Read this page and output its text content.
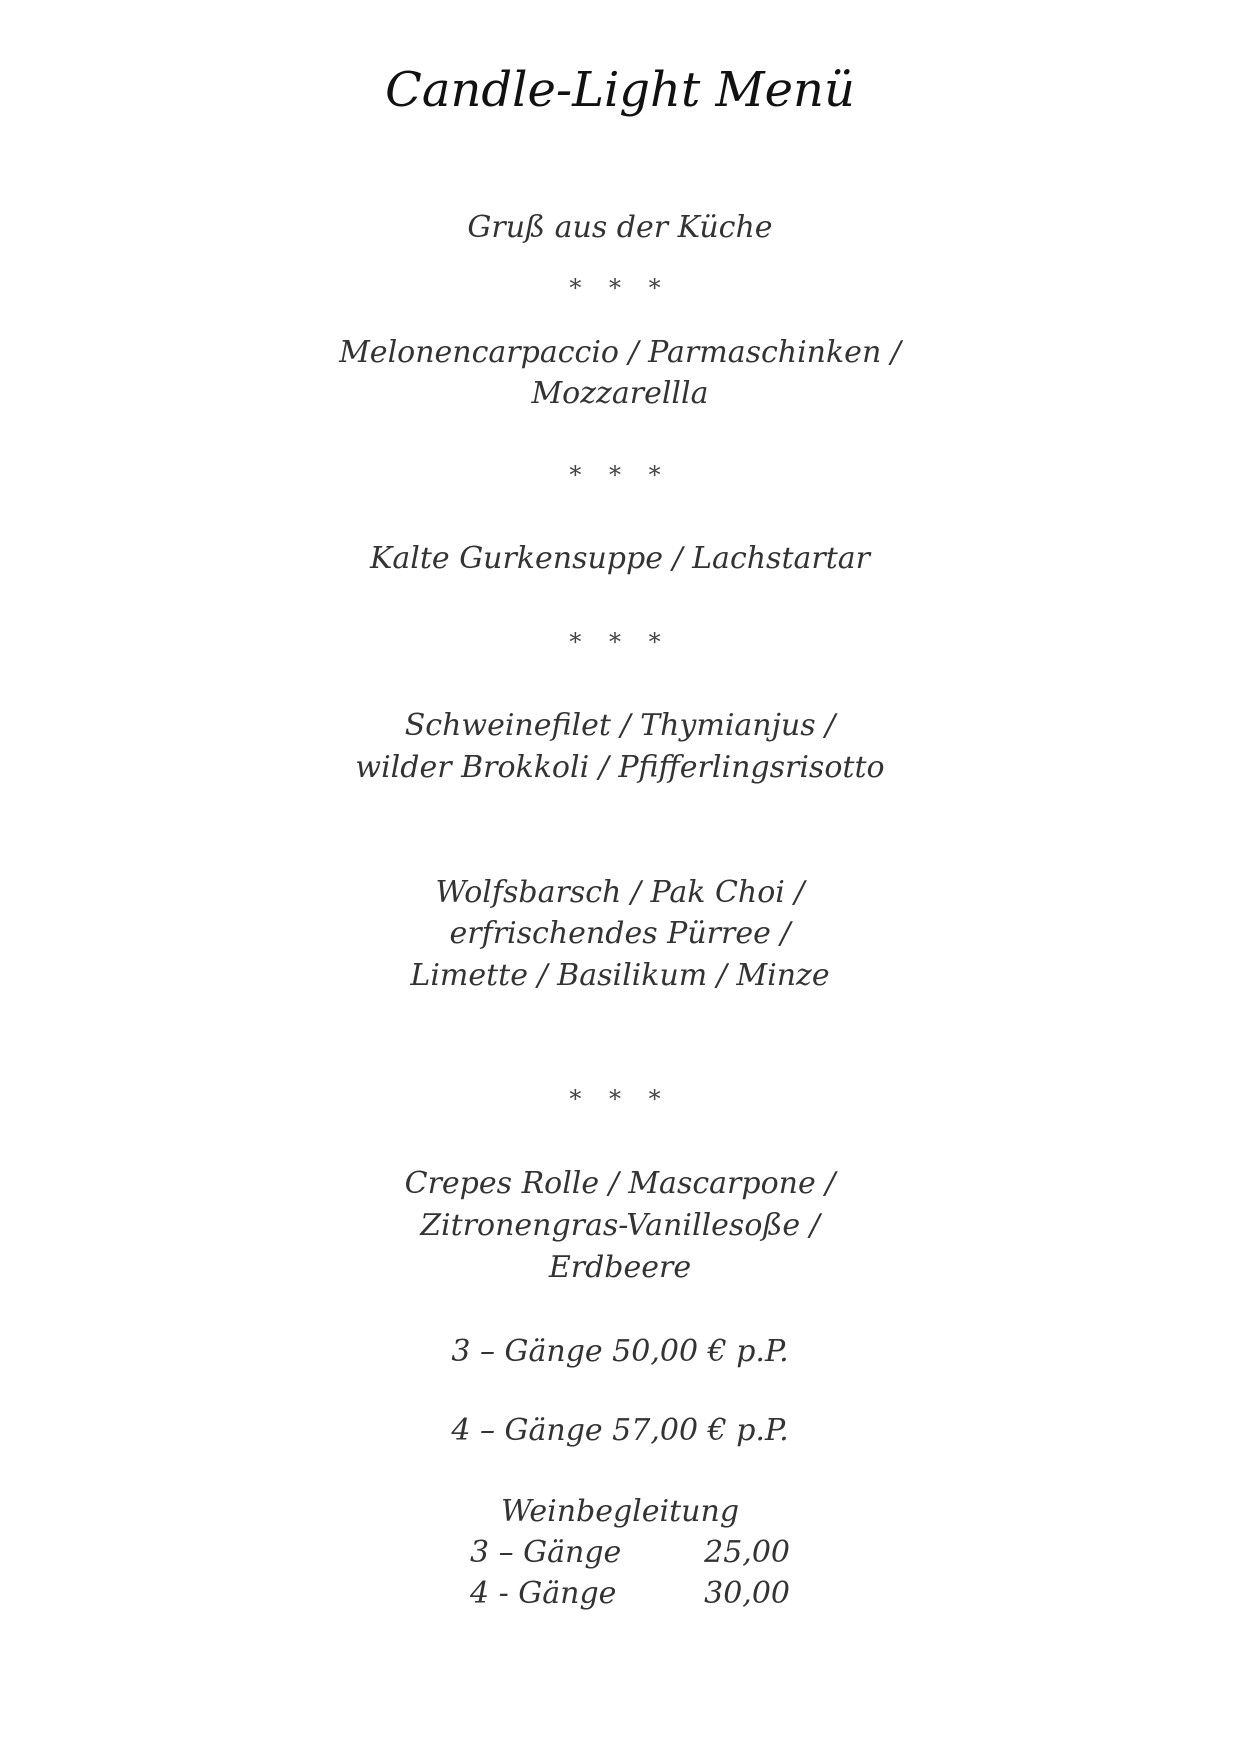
Candle-Light Menü
Gruß aus der Küche
* * *
Melonencarpaccio / Parmaschinken /
Mozzarellla
* * *
Kalte Gurkensuppe / Lachstartar
* * *
Schweinefilet / Thymianjus /
wilder Brokkoli / Pfifferlingsrisotto
Wolfsbarsch / Pak Choi /
erfrischendes Pürree /
Limette / Basilikum / Minze
* * *
Crepes Rolle / Mascarpone /
Zitronengras-Vanillesoße /
Erdbeere
3 – Gänge 50,00 € p.P.
4 – Gänge 57,00 € p.P.
Weinbegleitung
3 – Gänge	25,00
4 - Gänge	30,00
